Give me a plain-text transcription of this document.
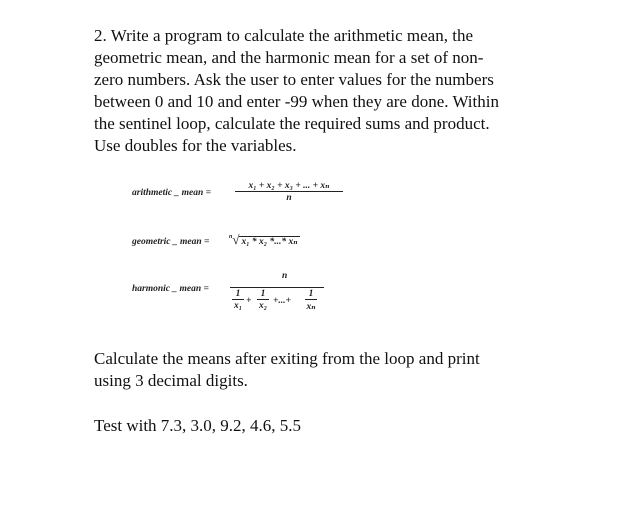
2. Write a program to calculate the arithmetic mean, the
geometric mean, and the harmonic mean for a set of non-
zero numbers. Ask the user to enter values for the numbers
between 0 and 10 and enter -99 when they are done. Within
the sentinel loop, calculate the required sums and product.
Use doubles for the variables.
arithmetic _ mean =	$\frac{\text{x₁ + x₂ + x₃ + ... + xₙ}}{n}$
geometric _ mean =
$^n$√ x₁ * x₂ *...* xₙ
harmonic _ mean =
n
$\frac{1}{\text{x₁}} + \frac{1}{\text{x₂}}$ +...+ $\frac{1}{\text{xₙ}}$
Calculate the means after exiting from the loop and print
using 3 decimal digits.
Test with 7.3, 3.0, 9.2, 4.6, 5.5
